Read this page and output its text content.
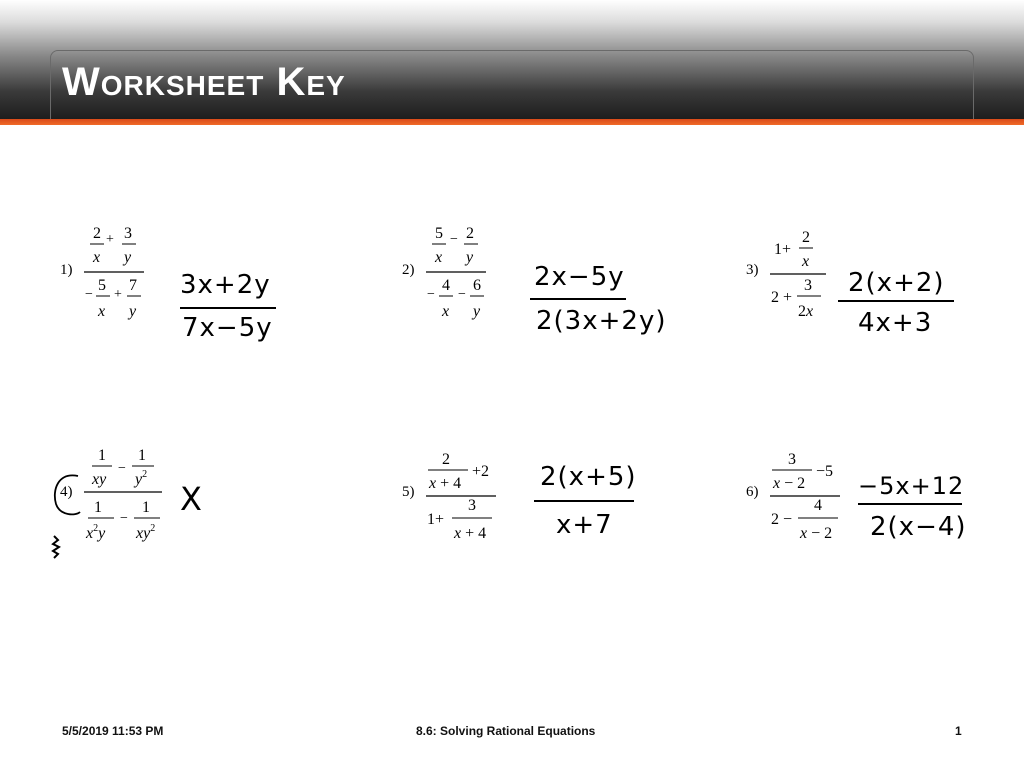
Worksheet Key
1)
2 + 3
x y
−
5
+
7
x y
3x+2y
7x−5y
2)
5 − 2
x y
−
4
−
6
x y
2x−5y
2(3x+2y)
3)
1+
2
x
2 +
3
2x
2(x+2)
4x+3
4)
1
xy
−
1
$y^2$
1
$x^2y$
−
1
$xy^2$
X	5)
2
x + 4
+2
1+
3
x + 4
2(x+5)
x+7
6)
3
x − 2
−5
2 −
4
x − 2
−5x+12
2(x−4)
5/5/2019 11:53 PM	8.6: Solving Rational Equations	1
